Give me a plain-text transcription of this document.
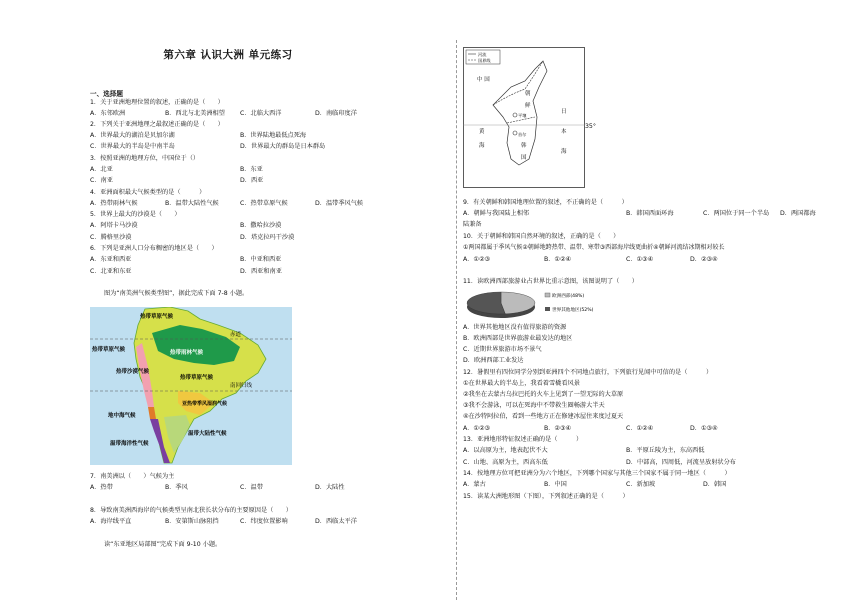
第六章 认识大洲 单元练习
一、选择题
1．关于亚洲地理位置的叙述，正确的是（　　）
A．东邻欧洲	B．西北与北美洲相望 C．北临大西洋	D．南临印度洋
2．下列关于亚洲地理之最叙述正确的是（　　）
A．世界最大的湖泊是贝加尔湖	B．世界陆地最低点死海
C．世界最大的半岛是中南半岛	D．世界最大的群岛是日本群岛
3．按照亚洲的地理方位，中国位于（）
A．北亚	B．东亚
C．南亚	D．西亚
4．亚洲面积最大气候类型的是（　　　）
A．热带雨林气候	B．温带大陆性气候	C．热带草原气候	D．温带季风气候
5．世界上最大的沙漠是（　　）
A．阿塔卡马沙漠	B．撒哈拉沙漠
C．腾格里沙漠	D．塔克拉玛干沙漠
6．下列是亚洲人口分布稠密的地区是（　　）
A．东亚和西亚	B．中亚和西亚
C．北亚和东亚	D．西亚和南亚
图为“南美洲气候类型图”，据此完成下面 7-8 小题。
热带草原气候
热带雨林气候
赤道
热带草原气候
热带沙漠气候
热带草原气候
地中海气候
温带海洋性气候
亚热带季风湿润气候
南回归线
温带大陆性气候
7．南美洲以（　　）气候为主
A．热带	B．季风	C．温带	D．大陆性
8．导致南美洲西海岸的气候类型呈南北狭长状分布的主要原因是（　　）
A．海岸线平直	B．安第斯山脉阻挡	C．纬度位置影响	D．西临太平洋
读“东亚地区局部图”完成下面 9-10 小题。
河流
国界线
中 国
朝
鲜
日
平壤
首尔
黄
海	韩
国
本
海
35°
9．有关朝鲜和韩国地理位置的叙述，不正确的是（　　　）
A．朝鲜与我国陆上相邻	B．韩国西面环海	C．两国位于同一个半岛 D．两国都海
陆兼备
10．关于朝鲜和韩国自然环境的叙述，正确的是（　　）
①两国都属于季风气候②朝鲜地跨热带、温带、寒带③西部海岸线更曲折④朝鲜河流结冰期相对较长
A．①②③	B．①②④	C．①③④	D．②③④
11．读欧洲西部旅游业占世界比重示意图，该图说明了（　　）
欧洲西部(48%)
世界其他地区(52%)
A．世界其他地区没有值得旅游的资源
B．欧洲西部是世界旅游业最发达的地区
C．近期世界旅游市场不景气
D．欧洲西部工业发达
12．暑假里有四位同学分别到亚洲四个不同地点旅行，下列旅行见闻中可信的是（　　　）
①在世界最大的半岛上，我看着雪橇看风景
②我坐在去蒙古乌拉巴托的火车上见到了一望无际的大草原
③我不会游泳，可以在死海中不带救生圈畅游大半天
④在沙特阿拉伯，看到一些地方正在修建冰屋住来度过夏天
A．①②③	B．②③④	C．①②④	D．①③④
13．亚洲地形特征叙述正确的是（　　　）
A．以高原为主，地表起伏不大	B．平原丘陵为主，东高西低
C．山地、高原为主，西高东低	D．中部高，四周低，河流呈放射状分布
14．按地理方位可把亚洲分为六个地区，下列哪个国家与其他三个国家不属于同一地区（　　　）
A．蒙古	B．中国	C．新加坡	D．韩国
15．读某大洲地形图（下图），下列叙述正确的是（　　　）
